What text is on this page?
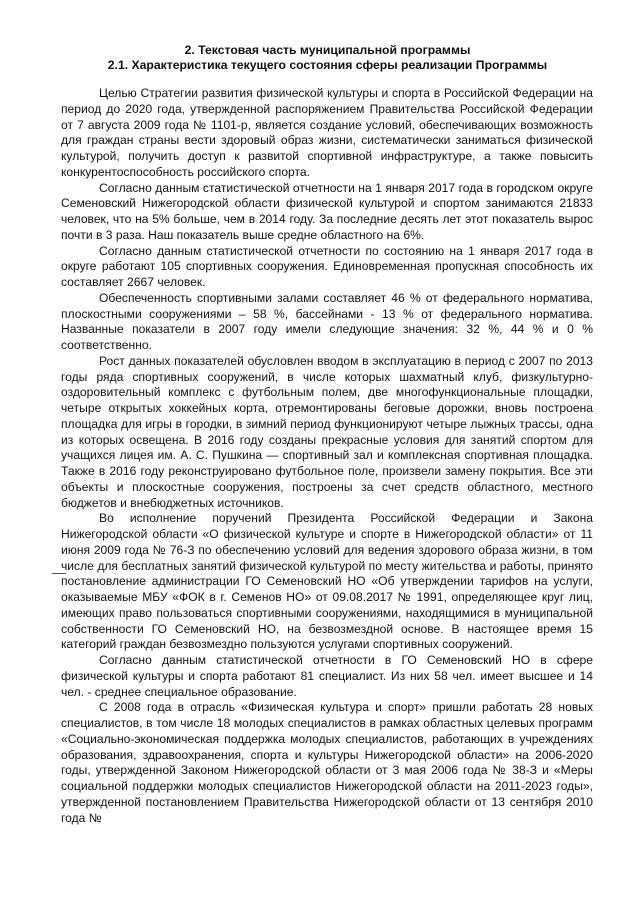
2. Текстовая часть муниципальной программы
2.1. Характеристика текущего состояния сферы реализации Программы

Целью Стратегии развития физической культуры и спорта в Российской Федерации на период до 2020 года, утвержденной распоряжением Правительства Российской Федерации от 7 августа 2009 года № 1101-р, является создание условий, обеспечивающих возможность для граждан страны вести здоровый образ жизни, систематически заниматься физической культурой, получить доступ к развитой спортивной инфраструктуре, а также повысить конкурентоспособность российского спорта.

Согласно данным статистической отчетности на 1 января 2017 года в городском округе Семеновский Нижегородской области физической культурой и спортом занимаются 21833 человек, что на 5% больше, чем в 2014 году. За последние десять лет этот показатель вырос почти в 3 раза. Наш показатель выше средне областного на 6%.

Согласно данным статистической отчетности по состоянию на 1 января 2017 года в округе работают 105 спортивных сооружения. Единовременная пропускная способность их составляет 2667 человек.

Обеспеченность спортивными залами составляет 46 % от федерального норматива, плоскостными сооружениями – 58 %, бассейнами - 13 % от федерального норматива. Названные показатели в 2007 году имели следующие значения: 32 %, 44 % и 0 % соответственно.

Рост данных показателей обусловлен вводом в эксплуатацию в период с 2007 по 2013 годы ряда спортивных сооружений, в числе которых шахматный клуб, физкультурно-оздоровительный комплекс с футбольным полем, две многофункциональные площадки, четыре открытых хоккейных корта, отремонтированы беговые дорожки, вновь построена площадка для игры в городки, в зимний период функционируют четыре лыжных трассы, одна из которых освещена. В 2016 году созданы прекрасные условия для занятий спортом для учащихся лицея им. А. С. Пушкина — спортивный зал и комплексная спортивная площадка. Также в 2016 году реконструировано футбольное поле, произвели замену покрытия. Все эти объекты и плоскостные сооружения, построены за счет средств областного, местного бюджетов и внебюджетных источников.

Во исполнение поручений Президента Российской Федерации и Закона Нижегородской области «О физической культуре и спорте в Нижегородской области» от 11 июня 2009 года № 76-З по обеспечению условий для ведения здорового образа жизни, в том числе для бесплатных занятий физической культурой по месту жительства и работы, принято постановление администрации ГО Семеновский НО «Об утверждении тарифов на услуги, оказываемые МБУ «ФОК в г. Семенов НО» от 09.08.2017 № 1991, определяющее круг лиц, имеющих право пользоваться спортивными сооружениями, находящимися в муниципальной собственности ГО Семеновский НО, на безвозмездной основе. В настоящее время 15 категорий граждан безвозмездно пользуются услугами спортивных сооружений.

Согласно данным статистической отчетности в ГО Семеновский НО в сфере физической культуры и спорта работают 81 специалист. Из них 58 чел. имеет высшее и 14 чел. - среднее специальное образование.

С 2008 года в отрасль «Физическая культура и спорт» пришли работать 28 новых специалистов, в том числе 18 молодых специалистов в рамках областных целевых программ «Социально-экономическая поддержка молодых специалистов, работающих в учреждениях образования, здравоохранения, спорта и культуры Нижегородской области» на 2006-2020 годы, утвержденной Законом Нижегородской области от 3 мая 2006 года № 38-З и «Меры социальной поддержки молодых специалистов Нижегородской области на 2011-2023 годы», утвержденной постановлением Правительства Нижегородской области от 13 сентября 2010 года №
